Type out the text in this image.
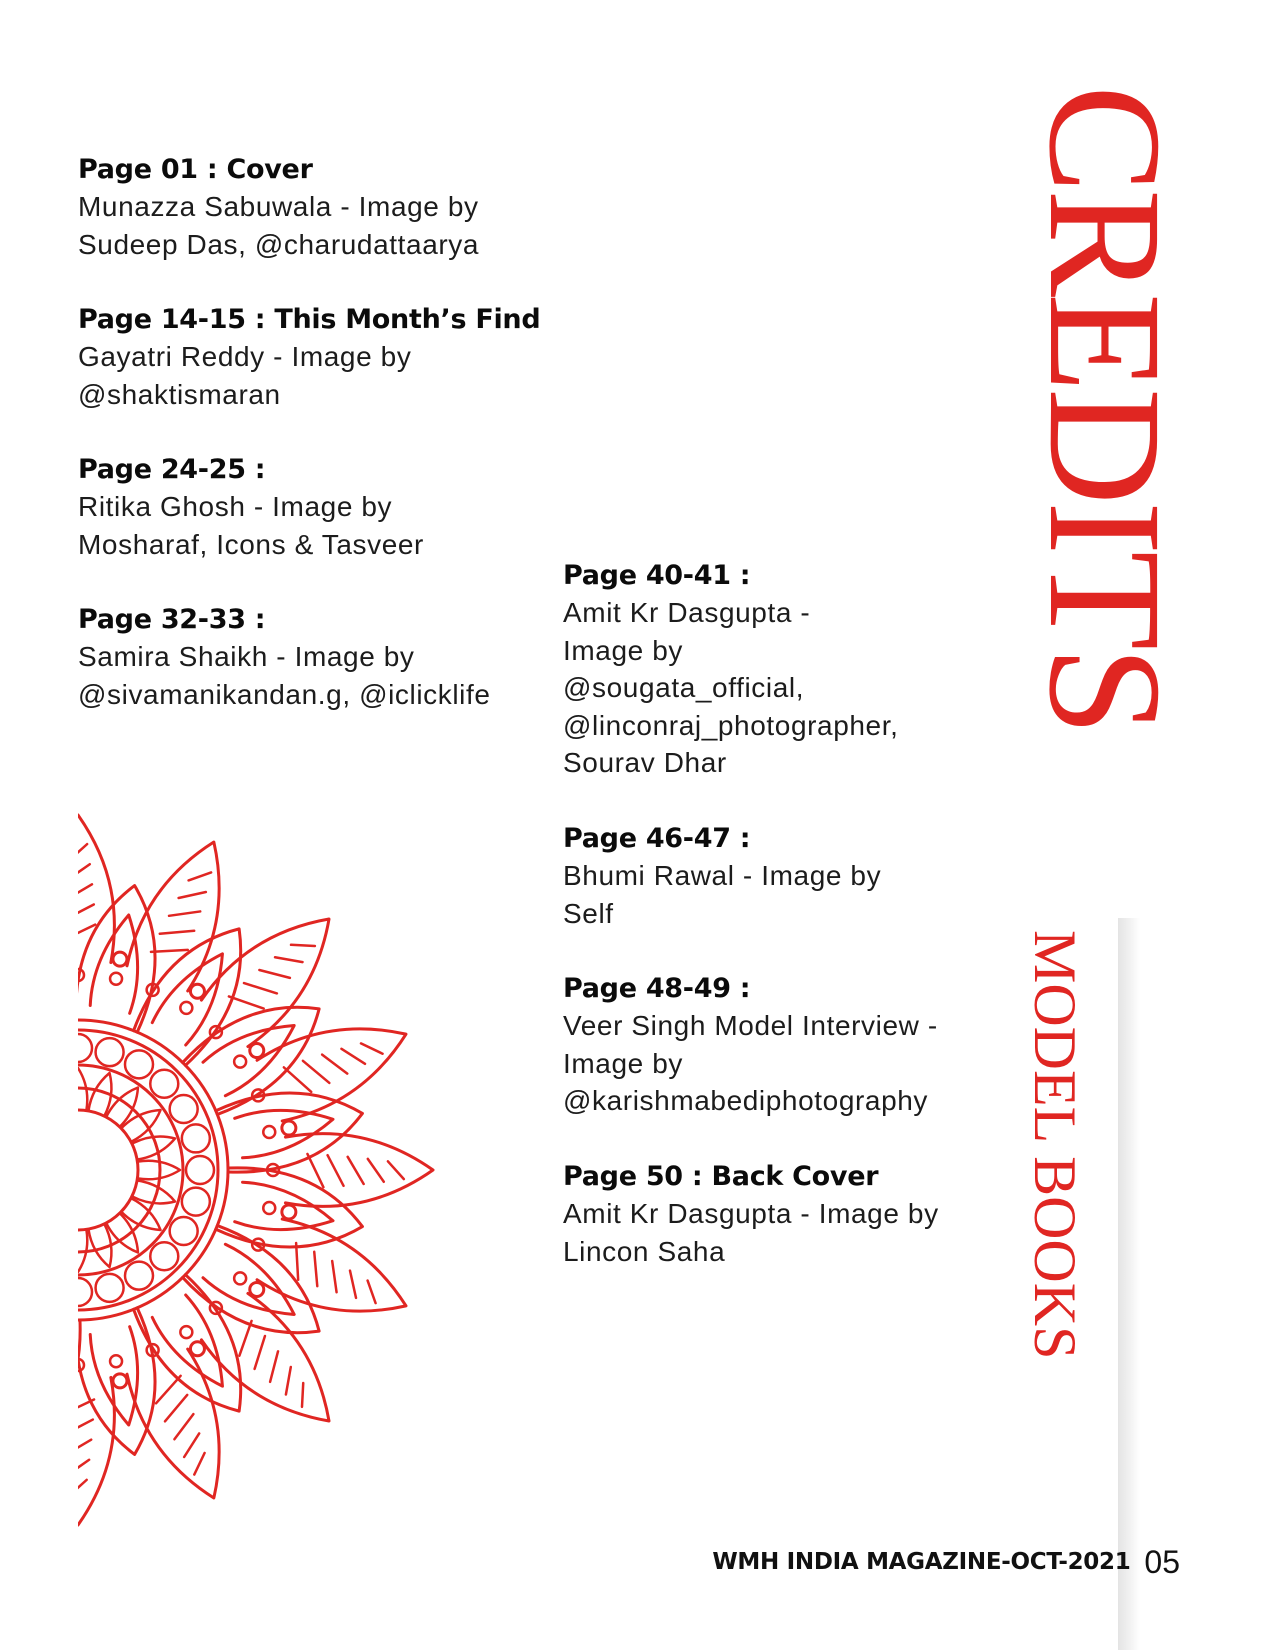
Page 01 : Cover
Munazza Sabuwala - Image by
Sudeep Das, @charudattaarya
Page 14-15 : This Month’s Find
Gayatri Reddy - Image by
@shaktismaran
Page 24-25 :
Ritika Ghosh - Image by
Mosharaf, Icons & Tasveer
Page 32-33 :
Samira Shaikh - Image by
@sivamanikandan.g, @iclicklife
Page 40-41 :
Amit Kr Dasgupta -
Image by
@sougata_official,
@linconraj_photographer,
Sourav Dhar
Page 46-47 :
Bhumi Rawal - Image by
Self
Page 48-49 :
Veer Singh Model Interview -
Image by
@karishmabediphotography
Page 50 : Back Cover
Amit Kr Dasgupta - Image by
Lincon Saha
CREDITS
MODEL BOOKS
WMH INDIA MAGAZINE-OCT-2021 05
